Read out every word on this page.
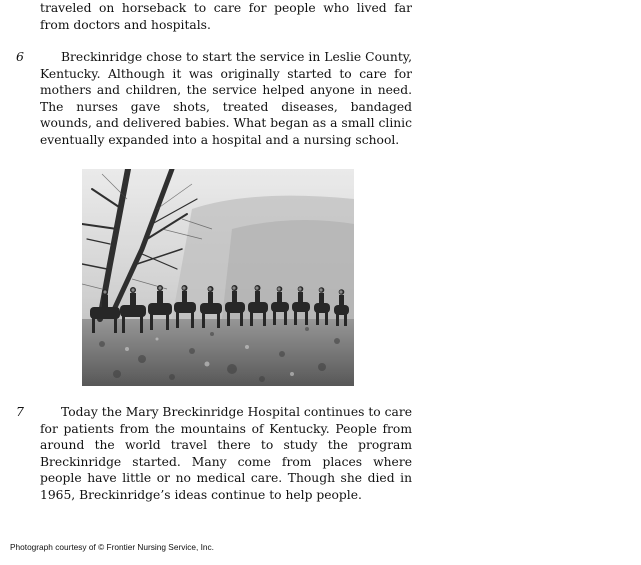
traveled on horseback to care for people who lived far from doctors and hospitals.
6	Breckinridge chose to start the service in Leslie County, Kentucky. Although it was originally started to care for mothers and children, the service helped anyone in need. The nurses gave shots, treated diseases, bandaged wounds, and delivered babies. What began as a small clinic eventually expanded into a hospital and a nursing school.
7	Today the Mary Breckinridge Hospital continues to care for patients from the mountains of Kentucky. People from around the world travel there to study the program Breckinridge started. Many come from places where people have little or no medical care. Though she died in 1965, Breckinridge’s ideas continue to help people.
Photograph courtesy of © Frontier Nursing Service, Inc.
